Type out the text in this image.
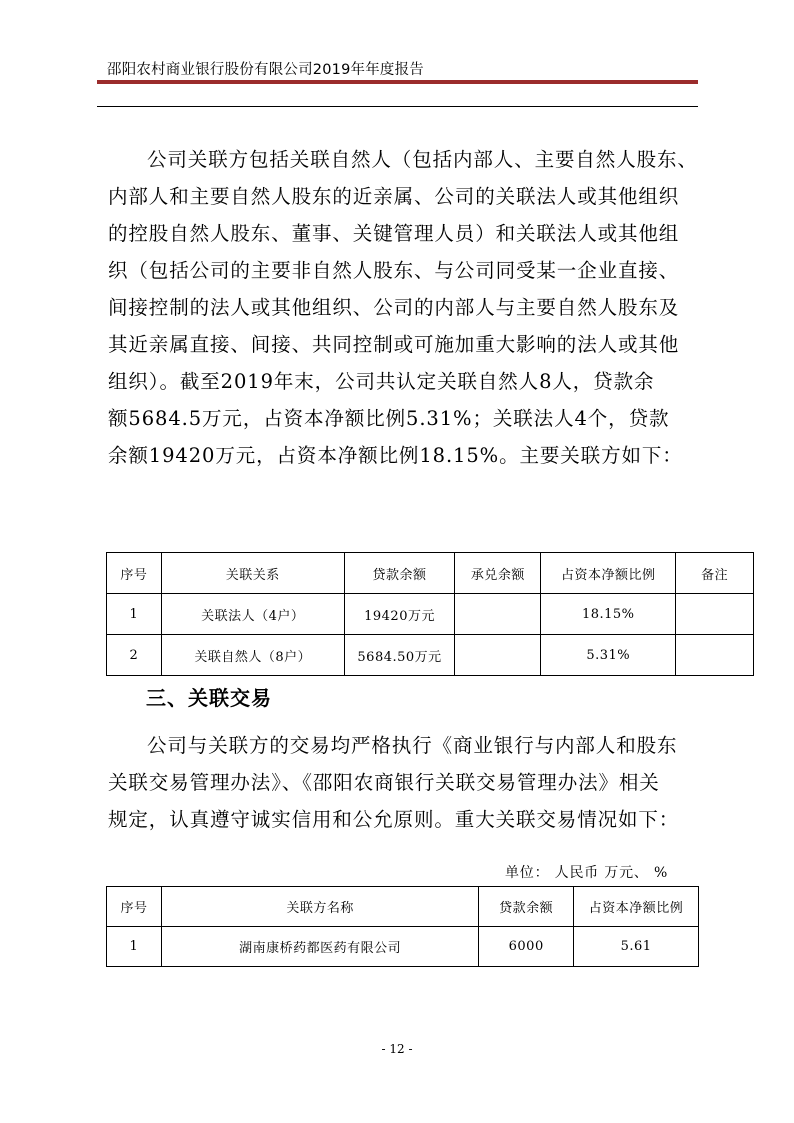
邵阳农村商业银行股份有限公司2019年年度报告
公司关联方包括关联自然人（包括内部人、主要自然人股东、
内部人和主要自然人股东的近亲属、公司的关联法人或其他组织
的控股自然人股东、董事、关键管理人员）和关联法人或其他组
织（包括公司的主要非自然人股东、与公司同受某一企业直接、
间接控制的法人或其他组织、公司的内部人与主要自然人股东及
其近亲属直接、间接、共同控制或可施加重大影响的法人或其他
组织）。截至2019年末，公司共认定关联自然人8人，贷款余
额5684.5万元，占资本净额比例5.31%；关联法人4个，贷款
余额19420万元，占资本净额比例18.15%。主要关联方如下：
序号	关联关系	贷款余额	承兑余额	占资本净额比例	备注
1	关联法人（4户）	19420万元		18.15%	
2	关联自然人（8户）	5684.50万元		5.31%	
三、关联交易
公司与关联方的交易均严格执行《商业银行与内部人和股东
关联交易管理办法》、《邵阳农商银行关联交易管理办法》相关
规定，认真遵守诚实信用和公允原则。重大关联交易情况如下：
单位： 人民币 万元、 %
序号	关联方名称	贷款余额	占资本净额比例
1	湖南康桥药都医药有限公司	6000	5.61
- 12 -
